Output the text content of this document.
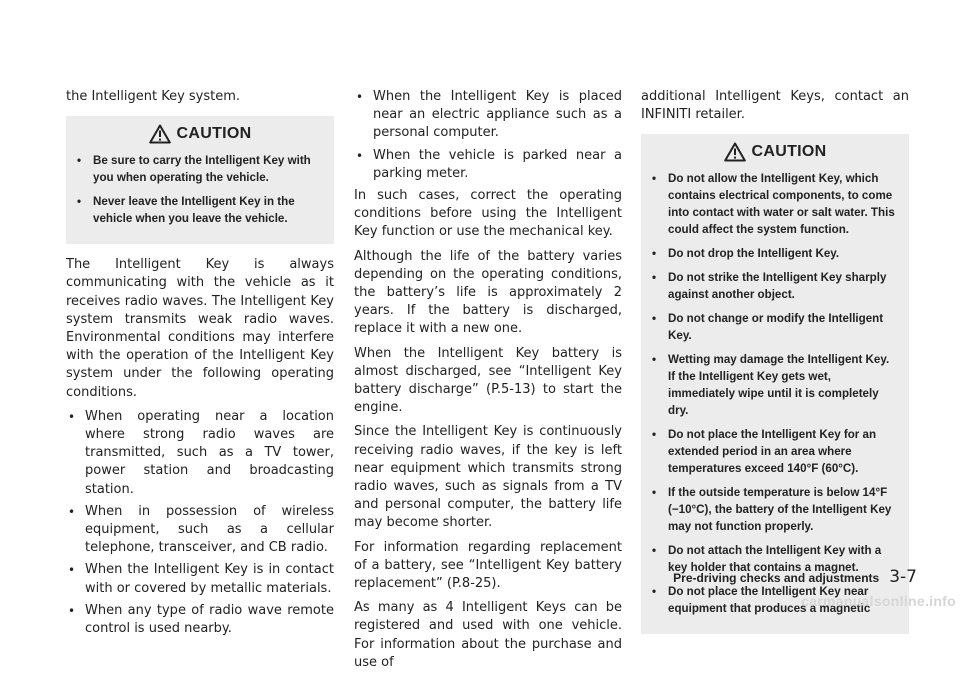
the Intelligent Key system.

CAUTION
• Be sure to carry the Intelligent Key with you when operating the vehicle.
• Never leave the Intelligent Key in the vehicle when you leave the vehicle.

The Intelligent Key is always communicating with the vehicle as it receives radio waves. The Intelligent Key system transmits weak radio waves. Environmental conditions may interfere with the operation of the Intelligent Key system under the following operating conditions.

• When operating near a location where strong radio waves are transmitted, such as a TV tower, power station and broadcasting station.
• When in possession of wireless equipment, such as a cellular telephone, transceiver, and CB radio.
• When the Intelligent Key is in contact with or covered by metallic materials.
• When any type of radio wave remote control is used nearby.
• When the Intelligent Key is placed near an electric appliance such as a personal computer.
• When the vehicle is parked near a parking meter.

In such cases, correct the operating conditions before using the Intelligent Key function or use the mechanical key.

Although the life of the battery varies depending on the operating conditions, the battery’s life is approximately 2 years. If the battery is discharged, replace it with a new one.

When the Intelligent Key battery is almost discharged, see “Intelligent Key battery discharge” (P.5-13) to start the engine.

Since the Intelligent Key is continuously receiving radio waves, if the key is left near equipment which transmits strong radio waves, such as signals from a TV and personal computer, the battery life may become shorter.

For information regarding replacement of a battery, see “Intelligent Key battery replacement” (P.8-25).

As many as 4 Intelligent Keys can be registered and used with one vehicle. For information about the purchase and use of

additional Intelligent Keys, contact an INFINITI retailer.

CAUTION
• Do not allow the Intelligent Key, which contains electrical components, to come into contact with water or salt water. This could affect the system function.
• Do not drop the Intelligent Key.
• Do not strike the Intelligent Key sharply against another object.
• Do not change or modify the Intelligent Key.
• Wetting may damage the Intelligent Key. If the Intelligent Key gets wet, immediately wipe until it is completely dry.
• Do not place the Intelligent Key for an extended period in an area where temperatures exceed 140°F (60°C).
• If the outside temperature is below 14°F (−10°C), the battery of the Intelligent Key may not function properly.
• Do not attach the Intelligent Key with a key holder that contains a magnet.
• Do not place the Intelligent Key near equipment that produces a magnetic
Pre-driving checks and adjustments 3-7
carmanualsonline.info
